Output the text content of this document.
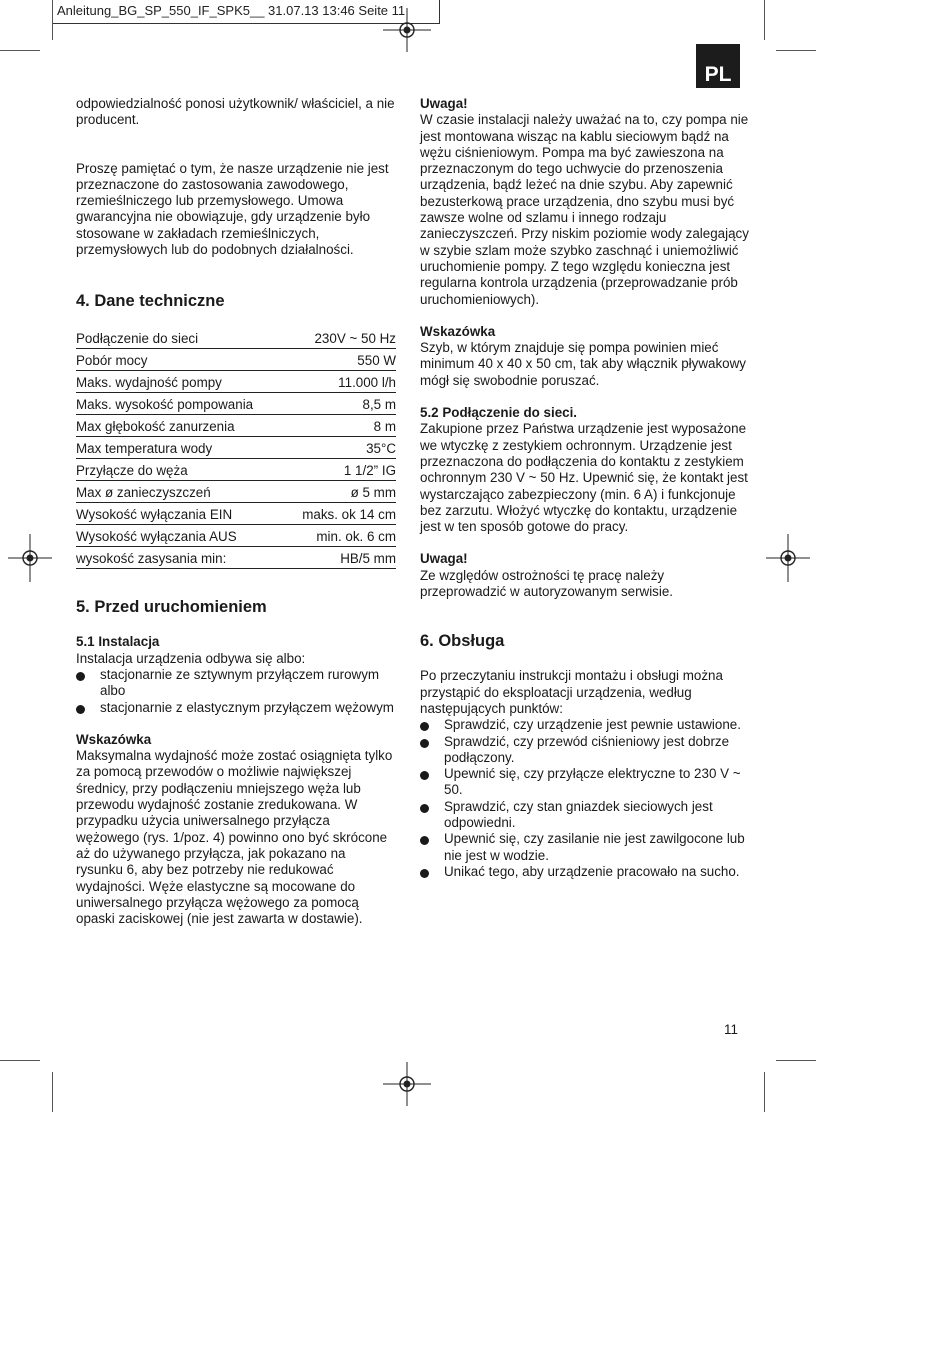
Anleitung_BG_SP_550_IF_SPK5__ 31.07.13 13:46 Seite 11
PL

odpowiedzialność ponosi użytkownik/ właściciel, a nie producent.

Proszę pamiętać o tym, że nasze urządzenie nie jest przeznaczone do zastosowania zawodowego, rzemieślniczego lub przemysłowego. Umowa gwarancyjna nie obowiązuje, gdy urządzenie było stosowane w zakładach rzemieślniczych, przemysłowych lub do podobnych działalności.

4. Dane techniczne
Podłączenie do sieci	230V ~ 50 Hz
Pobór mocy	550 W
Maks. wydajność pompy	11.000 l/h
Maks. wysokość pompowania	8,5 m
Max głębokość zanurzenia	8 m
Max temperatura wody	35°C
Przyłącze do węża	1 1/2” IG
Max ø zanieczyszczeń	ø 5 mm
Wysokość wyłączania EIN	maks. ok 14 cm
Wysokość wyłączania AUS	min. ok. 6 cm
wysokość zasysania min:	HB/5 mm
5. Przed uruchomieniem

5.1 Instalacja

Instalacja urządzenia odbywa się albo:

stacjonarnie ze sztywnym przyłączem rurowym albo
stacjonarnie z elastycznym przyłączem wężowym

Wskazówka

Maksymalna wydajność może zostać osiągnięta tylko za pomocą przewodów o możliwie największej średnicy, przy podłączeniu mniejszego węża lub przewodu wydajność zostanie zredukowana. W przypadku użycia uniwersalnego przyłącza wężowego (rys. 1/poz. 4) powinno ono być skrócone aż do używanego przyłącza, jak pokazano na rysunku 6, aby bez potrzeby nie redukować wydajności. Węże elastyczne są mocowane do uniwersalnego przyłącza wężowego za pomocą opaski zaciskowej (nie jest zawarta w dostawie).

Uwaga!

W czasie instalacji należy uważać na to, czy pompa nie jest montowana wisząc na kablu sieciowym bądź na wężu ciśnieniowym. Pompa ma być zawieszona na przeznaczonym do tego uchwycie do przenoszenia urządzenia, bądź leżeć na dnie szybu. Aby zapewnić bezusterkową prace urządzenia, dno szybu musi być zawsze wolne od szlamu i innego rodzaju zanieczyszczeń. Przy niskim poziomie wody zalegający w szybie szlam może szybko zaschnąć i uniemożliwić uruchomienie pompy. Z tego względu konieczna jest regularna kontrola urządzenia (przeprowadzanie prób uruchomieniowych).

Wskazówka

Szyb, w którym znajduje się pompa powinien mieć minimum 40 x 40 x 50 cm, tak aby włącznik pływakowy mógł się swobodnie poruszać.

5.2 Podłączenie do sieci.

Zakupione przez Państwa urządzenie jest wyposażone we wtyczkę z zestykiem ochronnym. Urządzenie jest przeznaczona do podłączenia do kontaktu z zestykiem ochronnym 230 V ~ 50 Hz. Upewnić się, że kontakt jest wystarczająco zabezpieczony (min. 6 A) i funkcjonuje bez zarzutu. Włożyć wtyczkę do kontaktu, urządzenie jest w ten sposób gotowe do pracy.

Uwaga!

Ze względów ostrożności tę pracę należy przeprowadzić w autoryzowanym serwisie.

6. Obsługa

Po przeczytaniu instrukcji montażu i obsługi można przystąpić do eksploatacji urządzenia, według następujących punktów:

Sprawdzić, czy urządzenie jest pewnie ustawione.
Sprawdzić, czy przewód ciśnieniowy jest dobrze podłączony.
Upewnić się, czy przyłącze elektryczne to 230 V ~ 50.
Sprawdzić, czy stan gniazdek sieciowych jest odpowiedni.
Upewnić się, czy zasilanie nie jest zawilgocone lub nie jest w wodzie.
Unikać tego, aby urządzenie pracowało na sucho.
11
